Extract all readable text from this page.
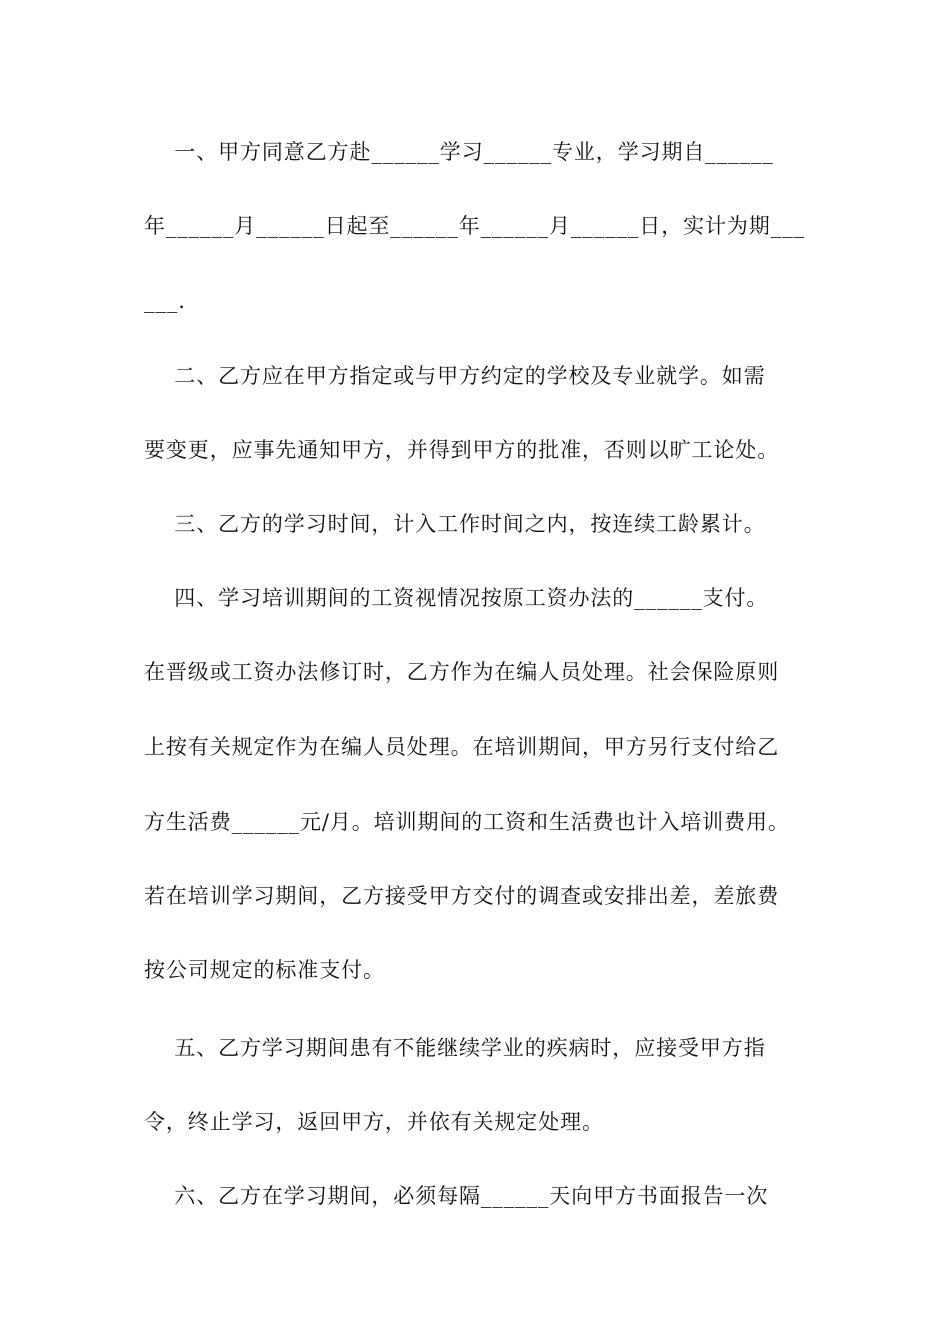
一、甲方同意乙方赴______学习______专业，学习期自______
年______月______日起至______年______月______日，实计为期___
___.
二、乙方应在甲方指定或与甲方约定的学校及专业就学。如需
要变更，应事先通知甲方，并得到甲方的批准，否则以旷工论处。
三、乙方的学习时间，计入工作时间之内，按连续工龄累计。
四、学习培训期间的工资视情况按原工资办法的______支付。
在晋级或工资办法修订时，乙方作为在编人员处理。社会保险原则
上按有关规定作为在编人员处理。在培训期间，甲方另行支付给乙
方生活费______元/月。培训期间的工资和生活费也计入培训费用。
若在培训学习期间，乙方接受甲方交付的调查或安排出差，差旅费
按公司规定的标准支付。
五、乙方学习期间患有不能继续学业的疾病时，应接受甲方指
令，终止学习，返回甲方，并依有关规定处理。
六、乙方在学习期间，必须每隔______天向甲方书面报告一次
